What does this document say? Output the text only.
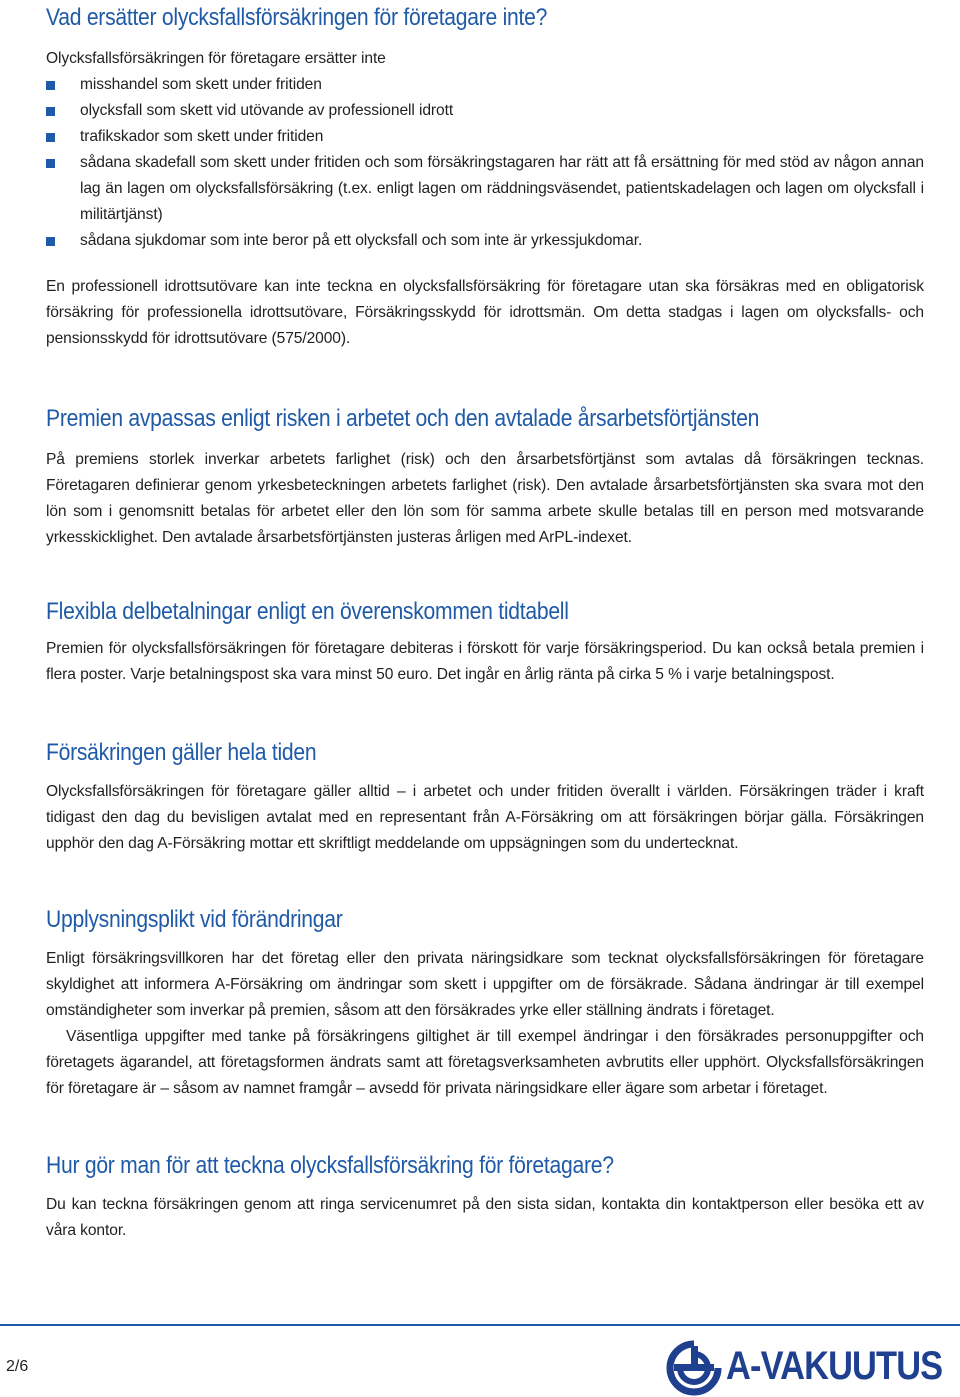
Vad ersätter olycksfallsförsäkringen för företagare inte?

Olycksfallsförsäkringen för företagare ersätter inte

misshandel som skett under fritiden
olycksfall som skett vid utövande av professionell idrott
trafikskador som skett under fritiden
sådana skadefall som skett under fritiden och som försäkringstagaren har rätt att få ersättning för med stöd av någon annan lag än lagen om olycksfallsförsäkring (t.ex. enligt lagen om räddningsväsendet, patientskadelagen och lagen om olycksfall i militärtjänst)
sådana sjukdomar som inte beror på ett olycksfall och som inte är yrkessjukdomar.

En professionell idrottsutövare kan inte teckna en olycksfallsförsäkring för företagare utan ska försäkras med en obligatorisk försäkring för professionella idrottsutövare, Försäkringsskydd för idrottsmän. Om detta stadgas i lagen om olycksfalls- och pensionsskydd för idrottsutövare (575/2000).

Premien avpassas enligt risken i arbetet och den avtalade årsarbetsförtjänsten

På premiens storlek inverkar arbetets farlighet (risk) och den årsarbetsförtjänst som avtalas då försäkringen tecknas. Företagaren definierar genom yrkesbeteckningen arbetets farlighet (risk). Den avtalade årsarbetsförtjänsten ska svara mot den lön som i genomsnitt betalas för arbetet eller den lön som för samma arbete skulle betalas till en person med motsvarande yrkesskicklighet. Den avtalade årsarbetsförtjänsten justeras årligen med ArPL-indexet.

Flexibla delbetalningar enligt en överenskommen tidtabell

Premien för olycksfallsförsäkringen för företagare debiteras i förskott för varje försäkringsperiod. Du kan också betala premien i flera poster. Varje betalningspost ska vara minst 50 euro. Det ingår en årlig ränta på cirka 5 % i varje betalningspost.

Försäkringen gäller hela tiden

Olycksfallsförsäkringen för företagare gäller alltid – i arbetet och under fritiden överallt i världen. Försäkringen träder i kraft tidigast den dag du bevisligen avtalat med en representant från A-Försäkring om att försäkringen börjar gälla. Försäkringen upphör den dag A-Försäkring mottar ett skriftligt meddelande om uppsägningen som du undertecknat.

Upplysningsplikt vid förändringar

Enligt försäkringsvillkoren har det företag eller den privata näringsidkare som tecknat olycksfallsförsäkringen för företagare skyldighet att informera A-Försäkring om ändringar som skett i uppgifter om de försäkrade. Sådana ändringar är till exempel omständigheter som inverkar på premien, såsom att den försäkrades yrke eller ställning ändrats i företaget.

Väsentliga uppgifter med tanke på försäkringens giltighet är till exempel ändringar i den försäkrades personuppgifter och företagets ägarandel, att företagsformen ändrats samt att företagsverksamheten avbrutits eller upphört. Olycksfallsförsäkringen för företagare är – såsom av namnet framgår – avsedd för privata näringsidkare eller ägare som arbetar i företaget.

Hur gör man för att teckna olycksfallsförsäkring för företagare?

Du kan teckna försäkringen genom att ringa servicenumret på den sista sidan, kontakta din kontaktperson eller besöka ett av våra kontor.

2/6	A-VAKUUTUS
